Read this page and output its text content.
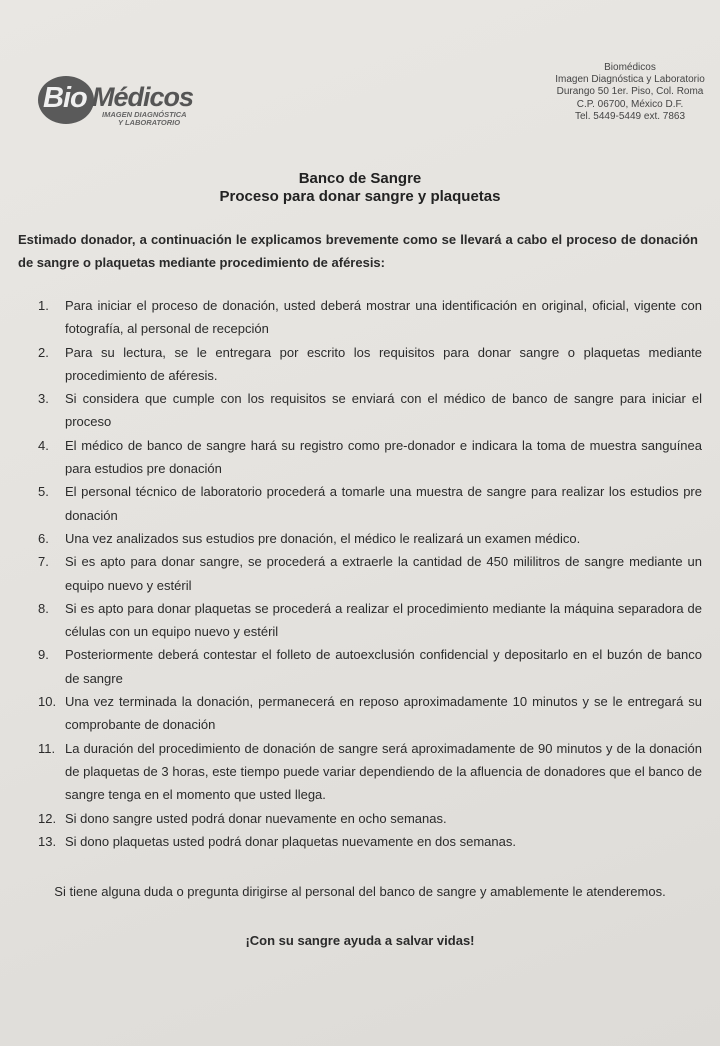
Bio Médicos
IMAGEN DIAGNÓSTICA
Y LABORATORIO
Biomédicos
Imagen Diagnóstica y Laboratorio
Durango 50 1er. Piso, Col. Roma
C.P. 06700, México D.F.
Tel. 5449-5449 ext. 7863
Banco de Sangre
Proceso para donar sangre y plaquetas
Estimado donador, a continuación le explicamos brevemente como se llevará a cabo el proceso de donación de sangre o plaquetas mediante procedimiento de aféresis:
1. Para iniciar el proceso de donación, usted deberá mostrar una identificación en original, oficial, vigente con fotografía, al personal de recepción
2. Para su lectura, se le entregara por escrito los requisitos para donar sangre o plaquetas mediante procedimiento de aféresis.
3. Si considera que cumple con los requisitos se enviará con el médico de banco de sangre para iniciar el proceso
4. El médico de banco de sangre hará su registro como pre-donador e indicara la toma de muestra sanguínea para estudios pre donación
5. El personal técnico de laboratorio procederá a tomarle una muestra de sangre para realizar los estudios pre donación
6. Una vez analizados sus estudios pre donación, el médico le realizará un examen médico.
7. Si es apto para donar sangre, se procederá a extraerle la cantidad de 450 mililitros de sangre mediante un equipo nuevo y estéril
8. Si es apto para donar plaquetas se procederá a realizar el procedimiento mediante la máquina separadora de células con un equipo nuevo y estéril
9. Posteriormente deberá contestar el folleto de autoexclusión confidencial y depositarlo en el buzón de banco de sangre
10. Una vez terminada la donación, permanecerá en reposo aproximadamente 10 minutos y se le entregará su comprobante de donación
11. La duración del procedimiento de donación de sangre será aproximadamente de 90 minutos y de la donación de plaquetas de 3 horas, este tiempo puede variar dependiendo de la afluencia de donadores que el banco de sangre tenga en el momento que usted llega.
12. Si dono sangre usted podrá donar nuevamente en ocho semanas.
13. Si dono plaquetas usted podrá donar plaquetas nuevamente en dos semanas.
Si tiene alguna duda o pregunta dirigirse al personal del banco de sangre y amablemente le atenderemos.
¡Con su sangre ayuda a salvar vidas!
